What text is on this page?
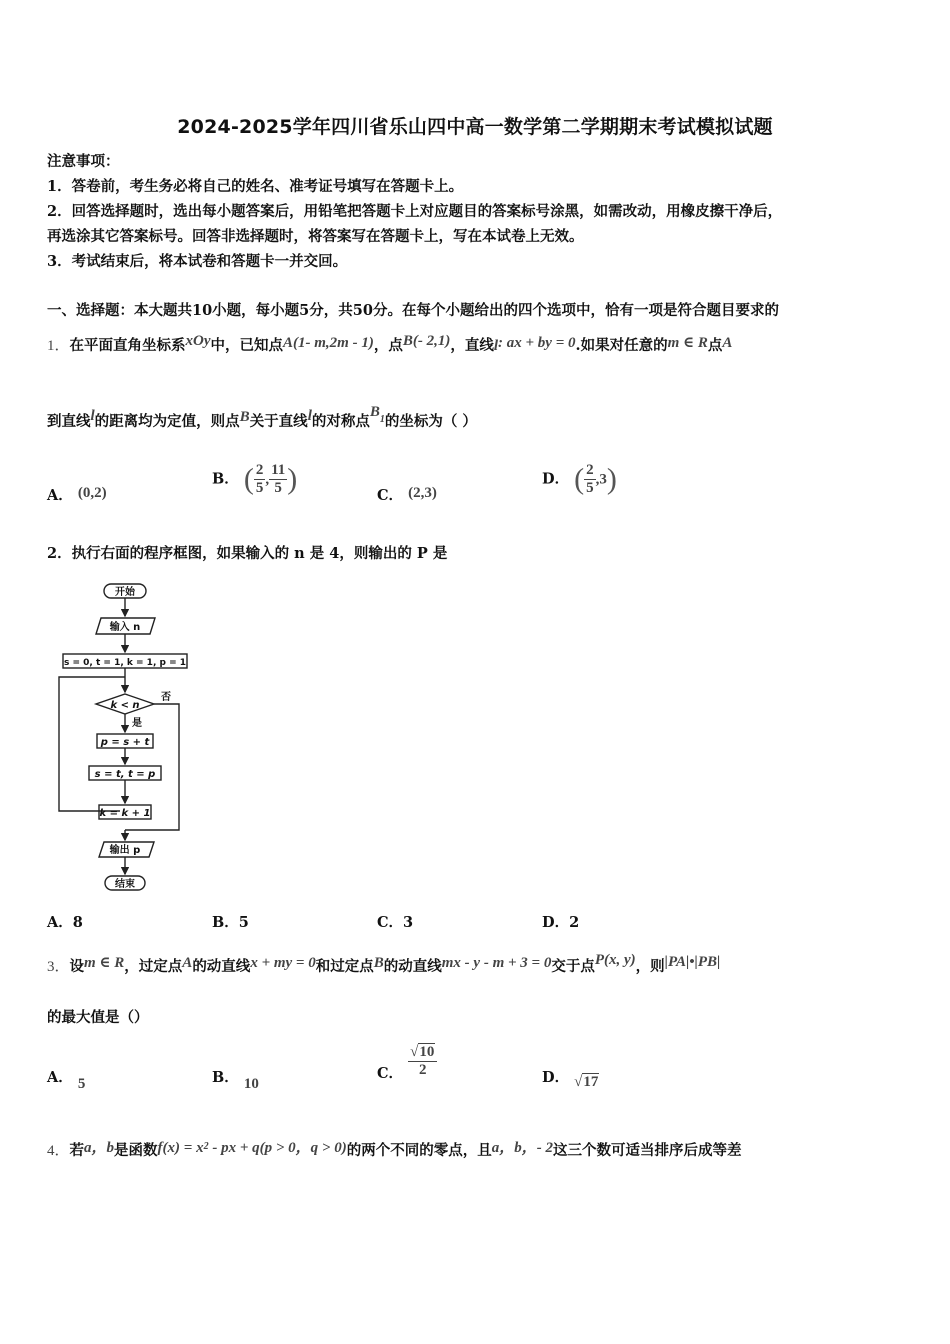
2024-2025学年四川省乐山四中高一数学第二学期期末考试模拟试题
注意事项：
1．答卷前，考生务必将自己的姓名、准考证号填写在答题卡上。
2．回答选择题时，选出每小题答案后，用铅笔把答题卡上对应题目的答案标号涂黑，如需改动，用橡皮擦干净后，
再选涂其它答案标号。回答非选择题时，将答案写在答题卡上，写在本试卷上无效。
3．考试结束后，将本试卷和答题卡一并交回。
一、选择题：本大题共10小题，每小题5分，共50分。在每个小题给出的四个选项中，恰有一项是符合题目要求的
1．在平面直角坐标系xOy中，已知点A(1- m,2m - 1)，点B(- 2,1)，直线l: ax + by = 0.如果对任意的m ∈ R点A
到直线l的距离均为定值，则点B关于直线l的对称点$B_1$的坐标为（ ）
A． (0,2)
B． ( $\frac{2}{5}$ , $\frac{11}{5}$ )	C． (2,3)
D． ( $\frac{2}{5} ,3$)
2．执行右面的程序框图，如果输入的 n 是 4，则输出的 P 是
开始
输入 n
s = 0, t = 1, k = 1, p = 1
k < n
否
是
p = s + t
s = t, t = p
k = k + 1
输出 p
结束
A．8	B．5	C．3	D．2
3．设m ∈ R，过定点A的动直线x + my = 0和过定点B的动直线mx - y - m + 3 = 0交于点P(x, y)，则|PA|•|PB|
的最大值是（）
A． 5	B． 10
C． $\frac{√10}{2}$	D． √17
4．若a，b是函数$f(x) = x^2$ - px + q(p > 0，q > 0)的两个不同的零点，且a，b，- 2这三个数可适当排序后成等差
